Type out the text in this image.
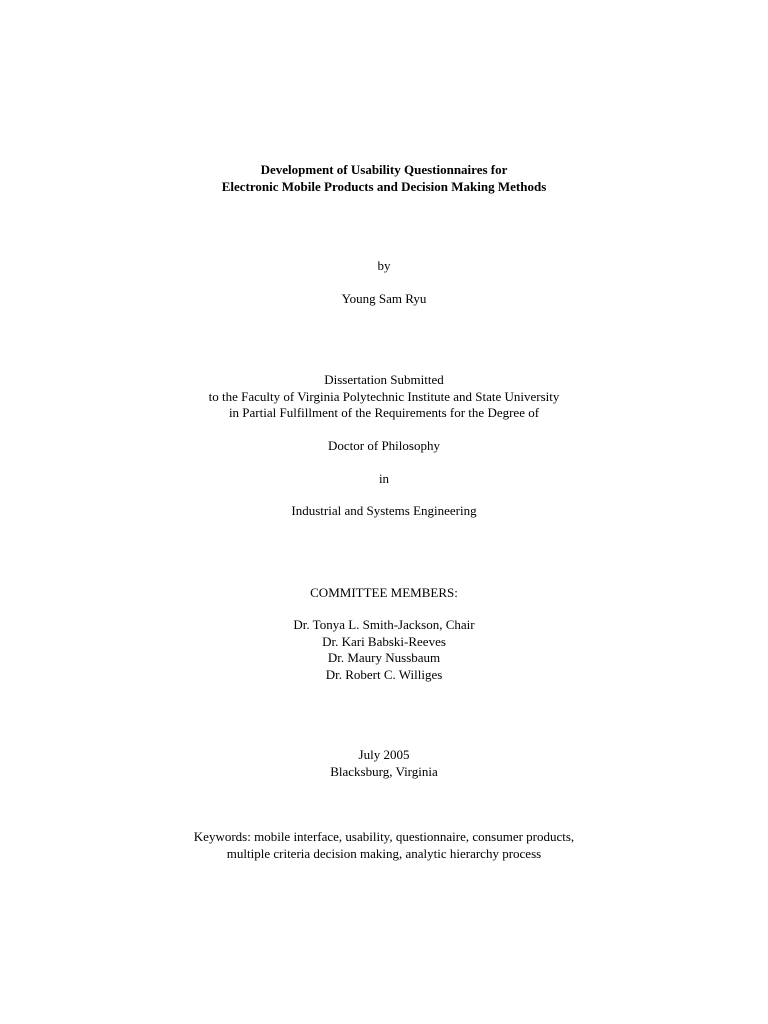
Development of Usability Questionnaires for
Electronic Mobile Products and Decision Making Methods
by
Young Sam Ryu
Dissertation Submitted
to the Faculty of Virginia Polytechnic Institute and State University
in Partial Fulfillment of the Requirements for the Degree of
Doctor of Philosophy
in
Industrial and Systems Engineering
COMMITTEE MEMBERS:
Dr. Tonya L. Smith-Jackson, Chair
Dr. Kari Babski-Reeves
Dr. Maury Nussbaum
Dr. Robert C. Williges
July 2005
Blacksburg, Virginia
Keywords: mobile interface, usability, questionnaire, consumer products,
multiple criteria decision making, analytic hierarchy process
